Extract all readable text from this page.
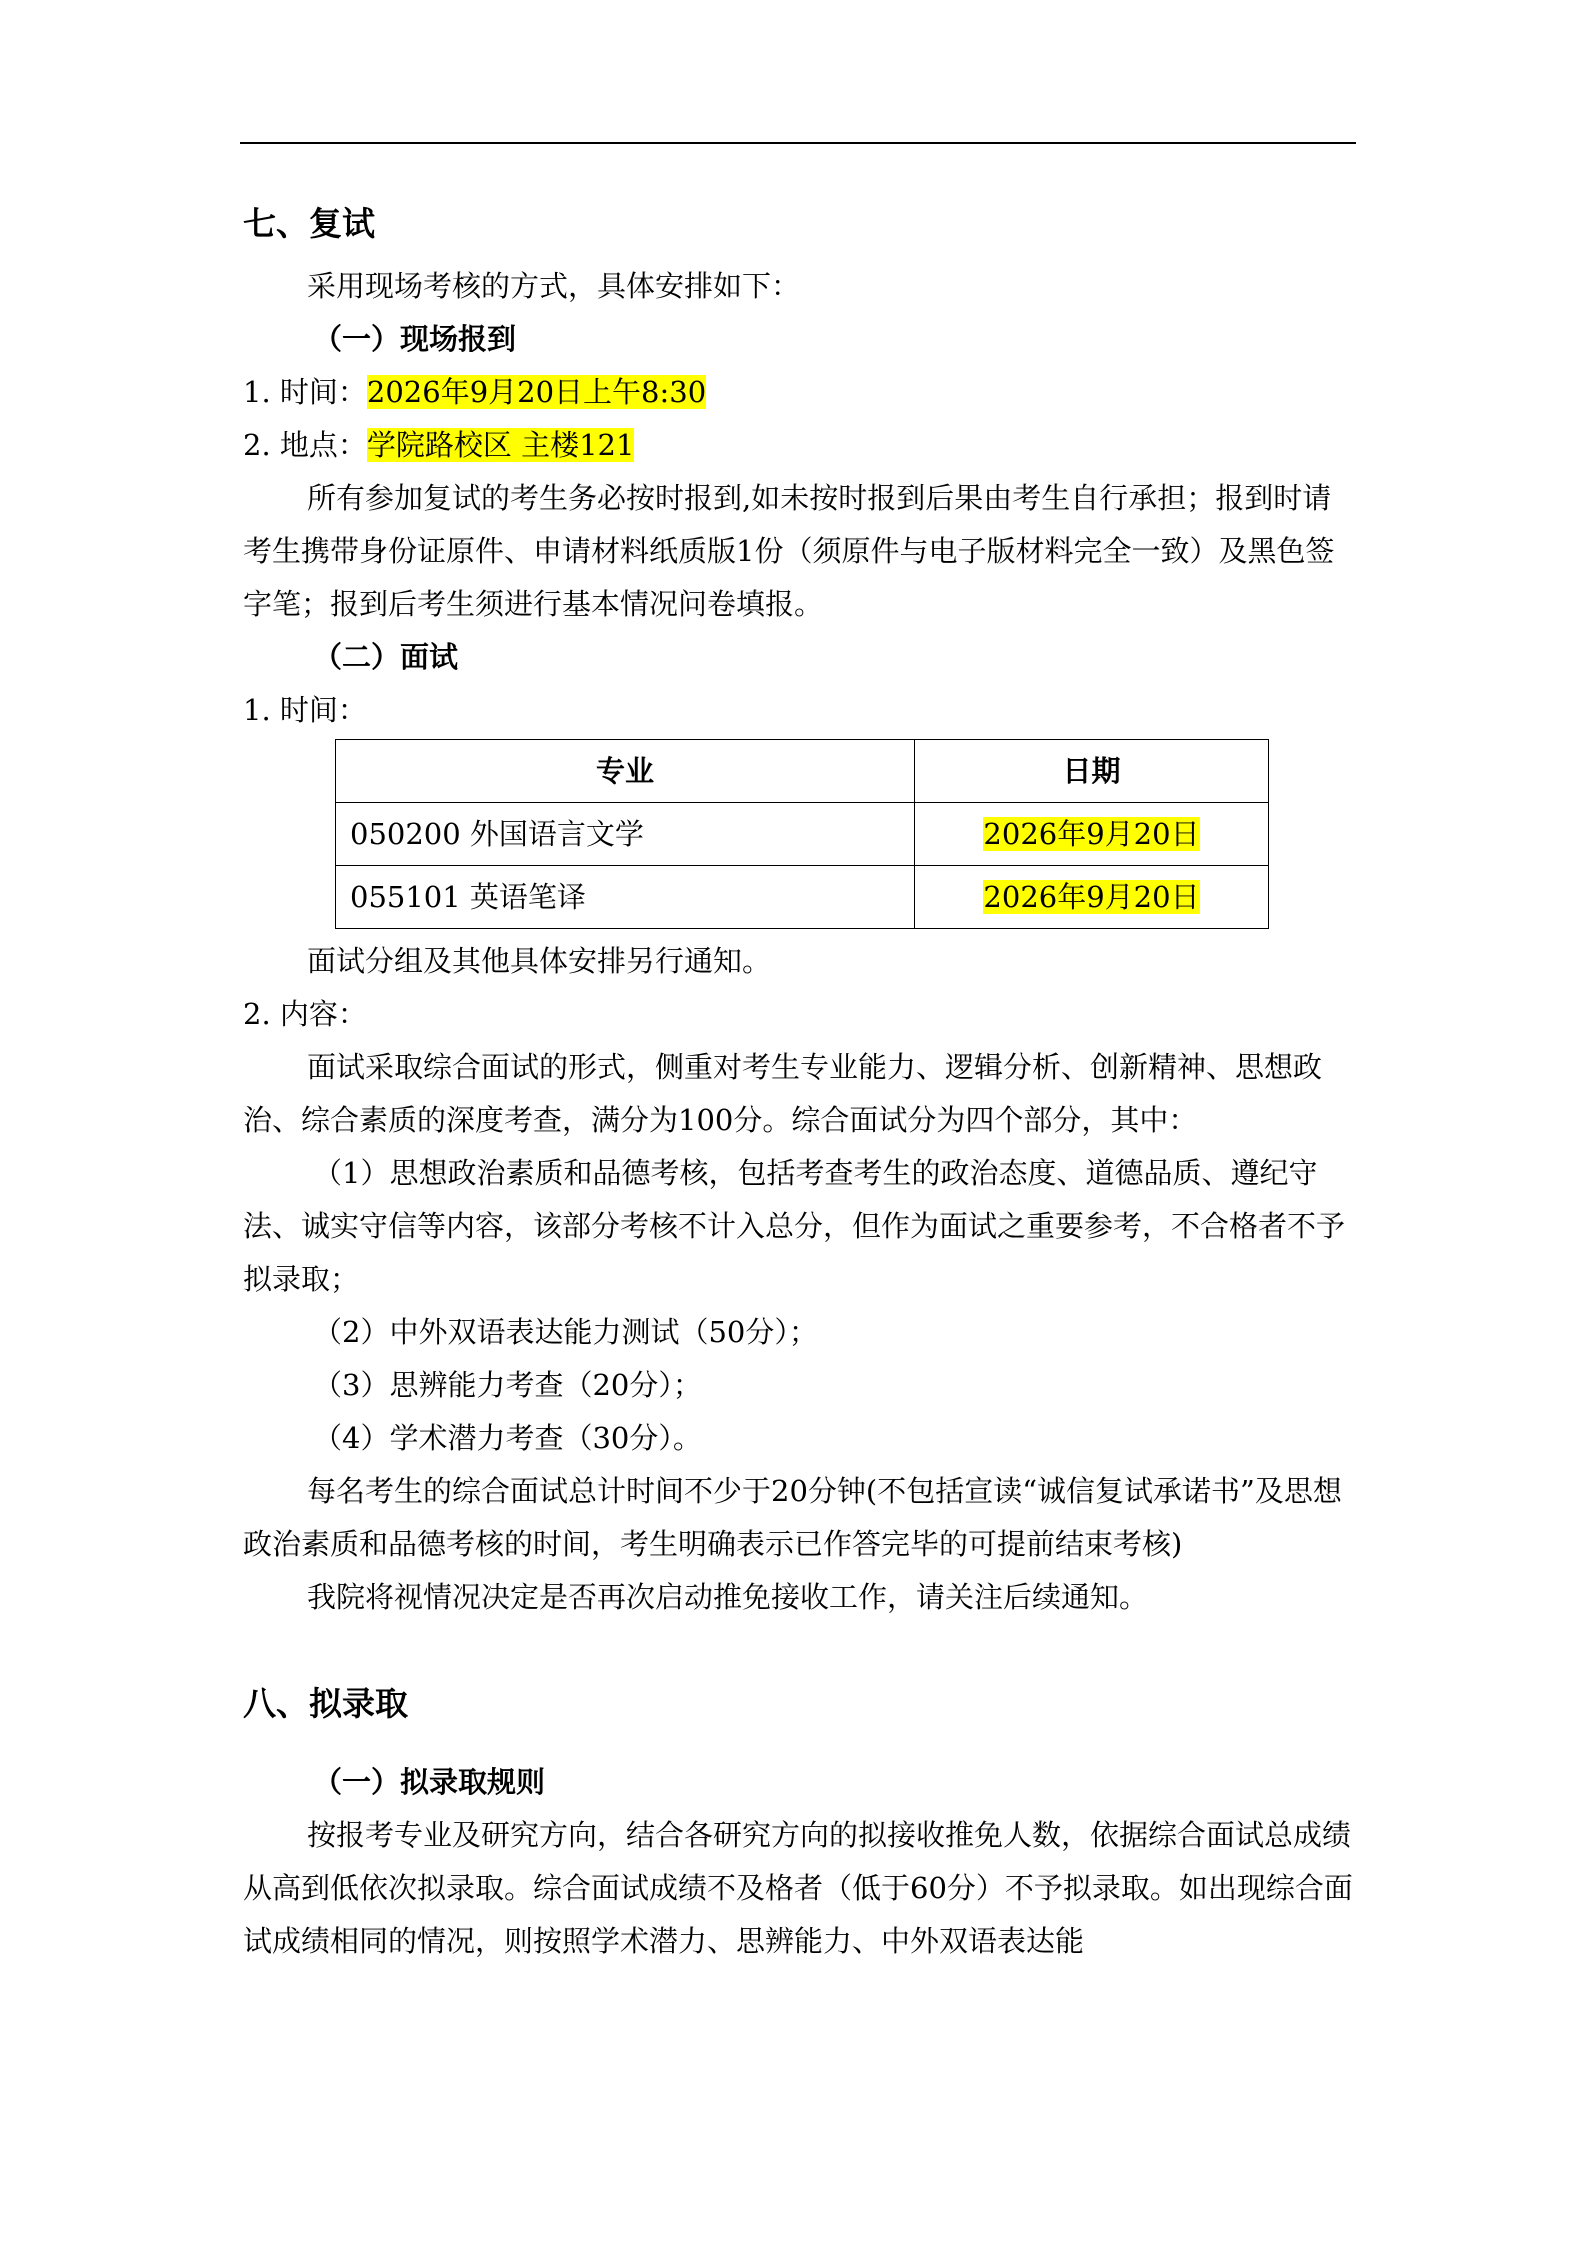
七、复试

采用现场考核的方式，具体安排如下：

（一）现场报到

1. 时间：2026年9月20日上午8:30

2. 地点：学院路校区 主楼121

所有参加复试的考生务必按时报到,如未按时报到后果由考生自行承担；报到时请考生携带身份证原件、申请材料纸质版1份（须原件与电子版材料完全一致）及黑色签字笔；报到后考生须进行基本情况问卷填报。

（二）面试

1. 时间：

专业	日期
050200 外国语言文学	2026年9月20日
055101 英语笔译	2026年9月20日

面试分组及其他具体安排另行通知。

2. 内容：

面试采取综合面试的形式，侧重对考生专业能力、逻辑分析、创新精神、思想政治、综合素质的深度考查，满分为100分。综合面试分为四个部分，其中：

（1）思想政治素质和品德考核，包括考查考生的政治态度、道德品质、遵纪守法、诚实守信等内容，该部分考核不计入总分，但作为面试之重要参考，不合格者不予拟录取；

（2）中外双语表达能力测试（50分）；

（3）思辨能力考查（20分）；

（4）学术潜力考查（30分）。

每名考生的综合面试总计时间不少于20分钟(不包括宣读“诚信复试承诺书”及思想政治素质和品德考核的时间，考生明确表示已作答完毕的可提前结束考核)

我院将视情况决定是否再次启动推免接收工作，请关注后续通知。

八、拟录取

（一）拟录取规则

按报考专业及研究方向，结合各研究方向的拟接收推免人数，依据综合面试总成绩从高到低依次拟录取。综合面试成绩不及格者（低于60分）不予拟录取。如出现综合面试成绩相同的情况，则按照学术潜力、思辨能力、中外双语表达能
